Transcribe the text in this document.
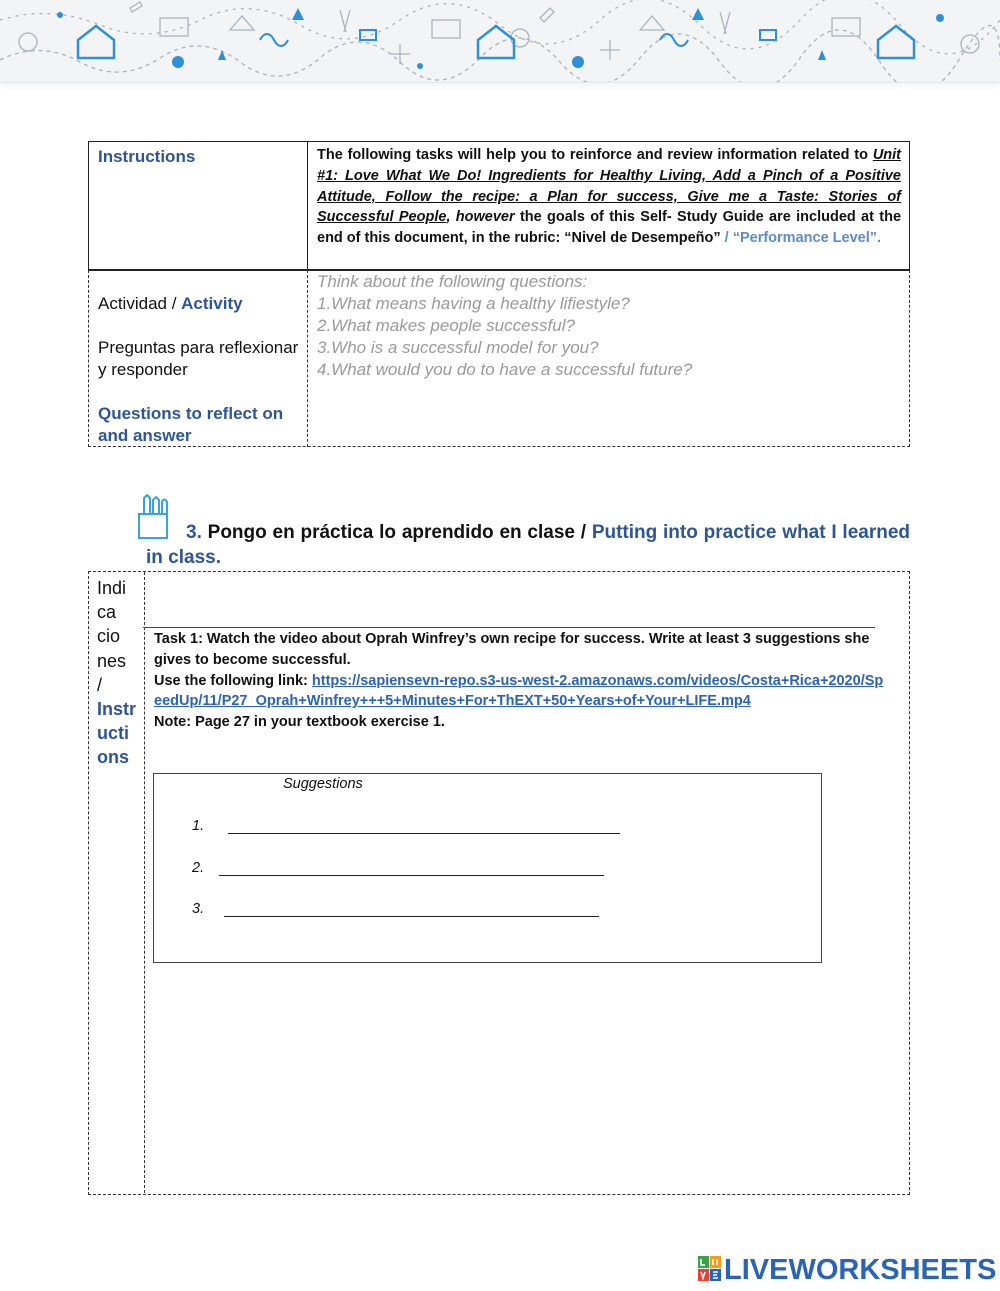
Instructions	The following tasks will help you to reinforce and review information related to Unit #1: Love What We Do! Ingredients for Healthy Living, Add a Pinch of a Positive Attitude, Follow the recipe: a Plan for success, Give me a Taste: Stories of Successful People, however the goals of this Self- Study Guide are included at the end of this document, in the rubric: “Nivel de Desempeño” / “Performance Level”.
Actividad / Activity
Preguntas para reflexionar y responder
Questions to reflect on and answer
Think about the following questions:
1.What means having a healthy lifiestyle?
2.What makes people successful?
3.Who is a successful model for you?
4.What would you do to have a successful future?
3. Pongo en práctica lo aprendido en clase / Putting into practice what I learned in class.
Indi
ca
cio
nes
/
Instr
ucti
ons
Task 1: Watch the video about Oprah Winfrey’s own recipe for success. Write at least 3 suggestions she gives to become successful.
Use the following link: https://sapiensevn-repo.s3-us-west-2.amazonaws.com/videos/Costa+Rica+2020/SpeedUp/11/P27_Oprah+Winfrey+++5+Minutes+For+ThEXT+50+Years+of+Your+LIFE.mp4
Note: Page 27 in your textbook exercise 1.
Suggestions
1.
2.
3.
LIVEWORKSHEETS
